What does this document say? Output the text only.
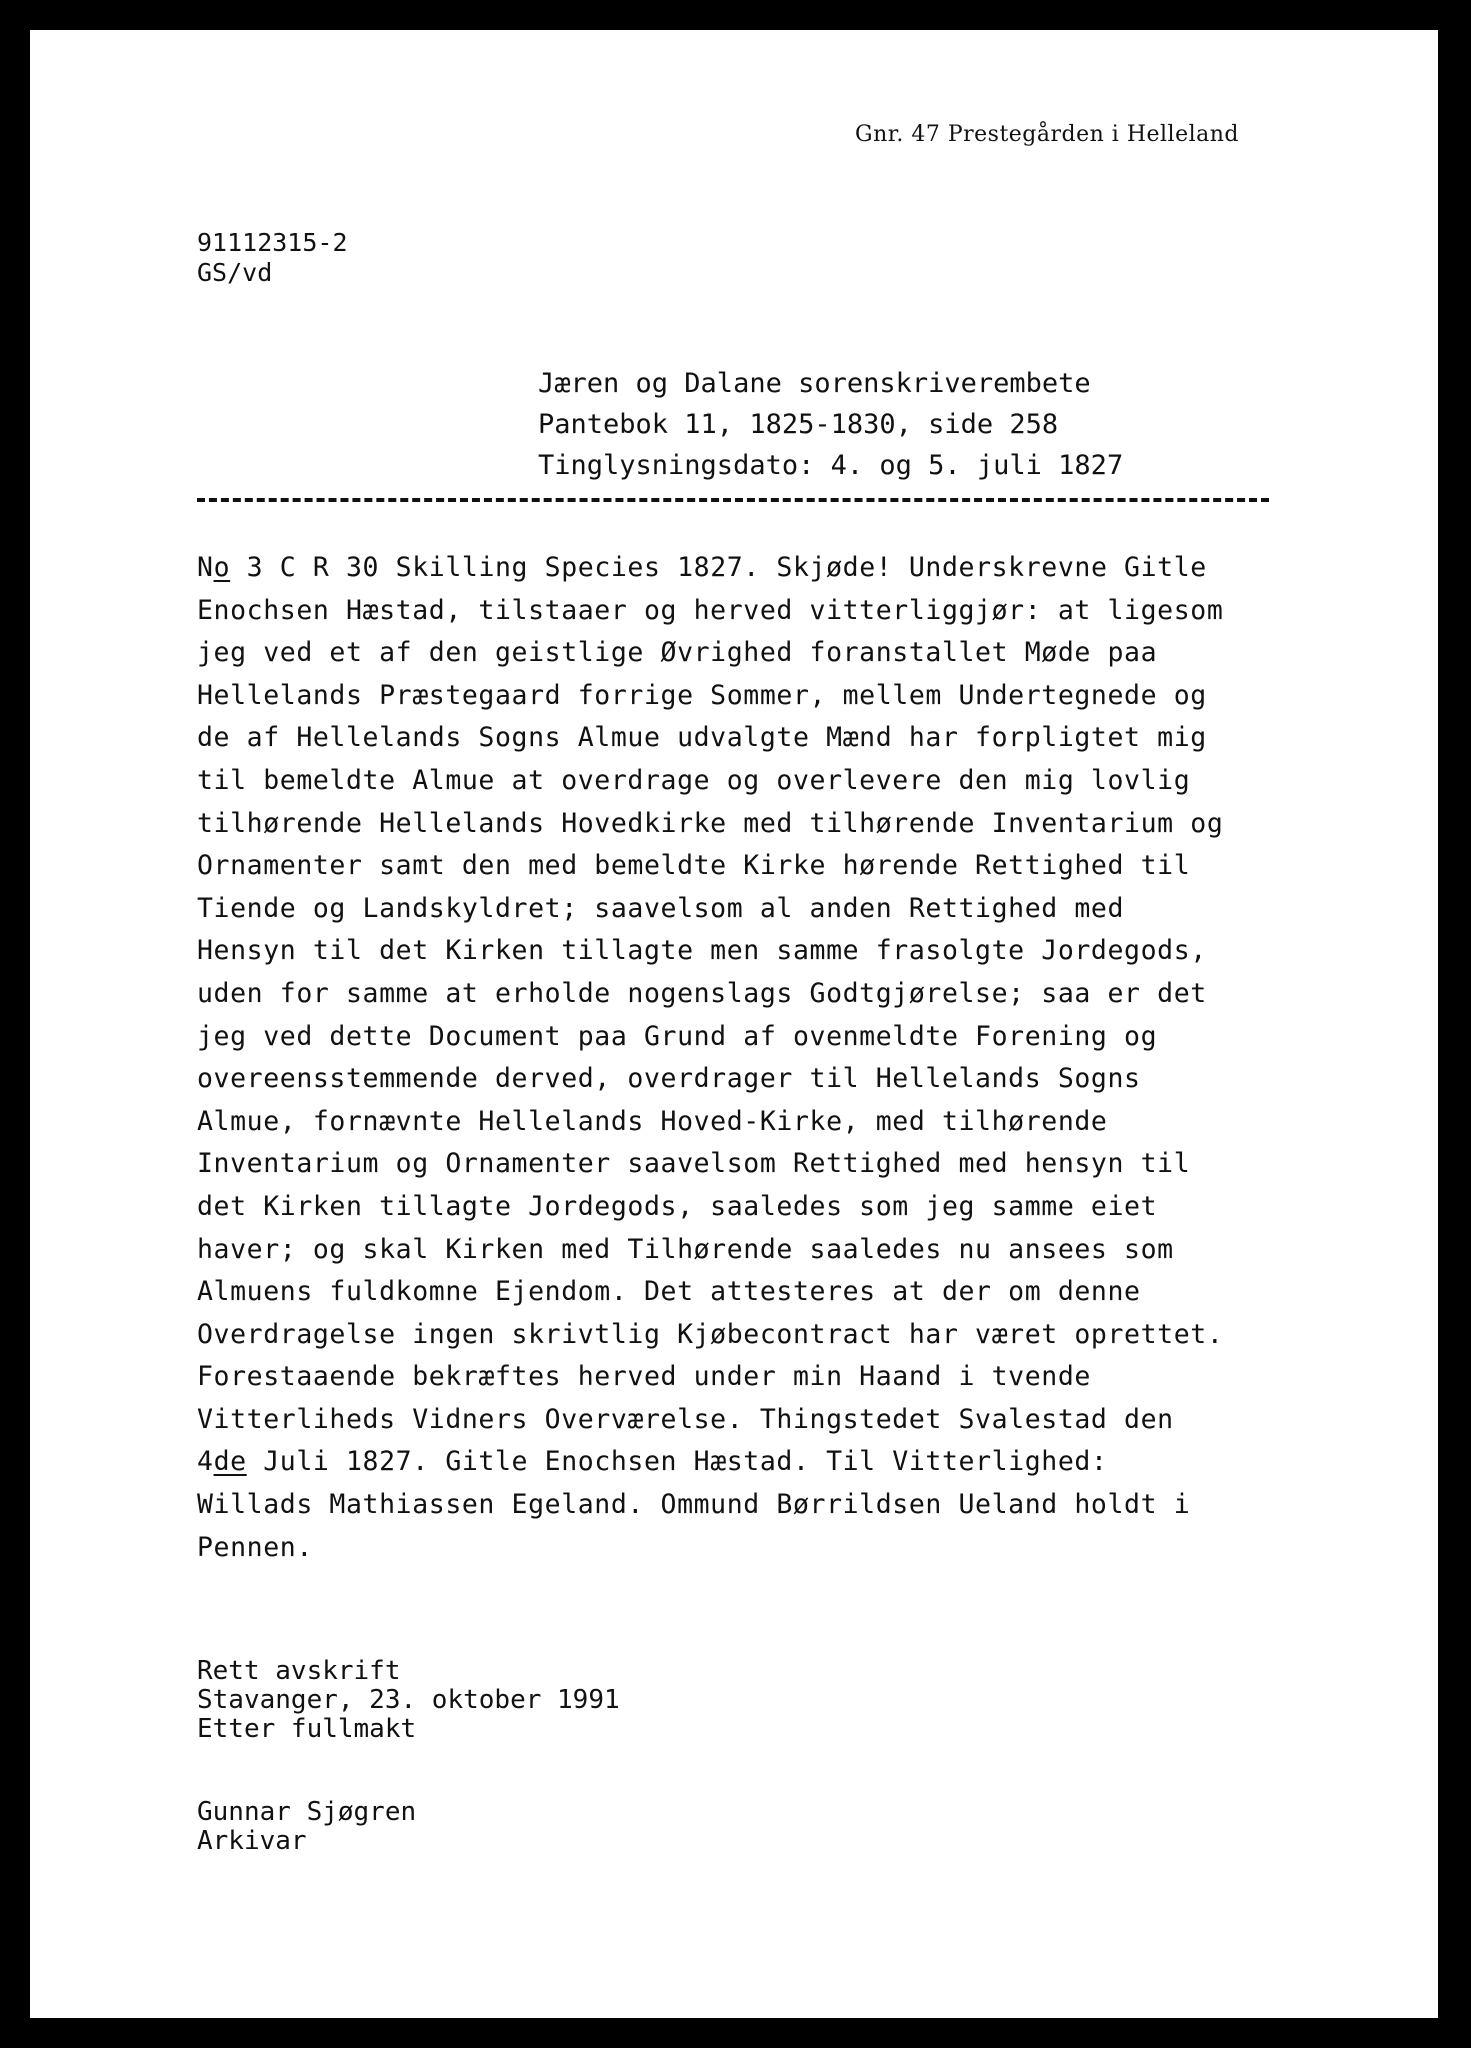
Gnr. 47 Prestegården i Helleland
91112315-2
GS/vd
Jæren og Dalane sorenskriverembete
Pantebok 11, 1825-1830, side 258
Tinglysningsdato: 4. og 5. juli 1827
No 3 C R 30 Skilling Species 1827. Skjøde! Underskrevne Gitle
Enochsen Hæstad, tilstaaer og herved vitterliggjør: at ligesom
jeg ved et af den geistlige Øvrighed foranstallet Møde paa
Hellelands Præstegaard forrige Sommer, mellem Undertegnede og
de af Hellelands Sogns Almue udvalgte Mænd har forpligtet mig
til bemeldte Almue at overdrage og overlevere den mig lovlig
tilhørende Hellelands Hovedkirke med tilhørende Inventarium og
Ornamenter samt den med bemeldte Kirke hørende Rettighed til
Tiende og Landskyldret; saavelsom al anden Rettighed med
Hensyn til det Kirken tillagte men samme frasolgte Jordegods,
uden for samme at erholde nogenslags Godtgjørelse; saa er det
jeg ved dette Document paa Grund af ovenmeldte Forening og
overeensstemmende derved, overdrager til Hellelands Sogns
Almue, fornævnte Hellelands Hoved-Kirke, med tilhørende
Inventarium og Ornamenter saavelsom Rettighed med hensyn til
det Kirken tillagte Jordegods, saaledes som jeg samme eiet
haver; og skal Kirken med Tilhørende saaledes nu ansees som
Almuens fuldkomne Ejendom. Det attesteres at der om denne
Overdragelse ingen skrivtlig Kjøbecontract har været oprettet.
Forestaaende bekræftes herved under min Haand i tvende
Vitterliheds Vidners Overværelse. Thingstedet Svalestad den
4de Juli 1827. Gitle Enochsen Hæstad. Til Vitterlighed:
Willads Mathiassen Egeland. Ommund Børrildsen Ueland holdt i
Pennen.
Rett avskrift
Stavanger, 23. oktober 1991
Etter fullmakt
Gunnar Sjøgren
Arkivar
